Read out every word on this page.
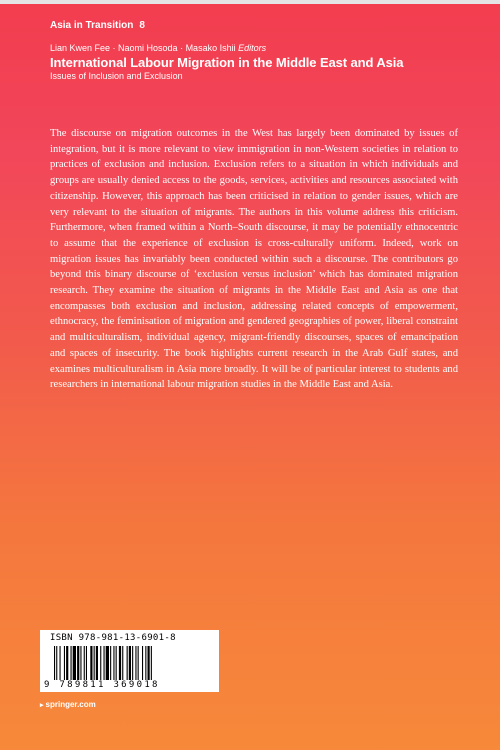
Asia in Transition 8
Lian Kwen Fee · Naomi Hosoda · Masako Ishii Editors
International Labour Migration in the Middle East and Asia
Issues of Inclusion and Exclusion

The discourse on migration outcomes in the West has largely been dominated by issues of integration, but it is more relevant to view immigration in non-Western societies in relation to practices of exclusion and inclusion. Exclusion refers to a situation in which individuals and groups are usually denied access to the goods, services, activities and resources associated with citizenship. However, this approach has been criticised in relation to gender issues, which are very relevant to the situation of migrants. The authors in this volume address this criticism. Furthermore, when framed within a North–South discourse, it may be potentially ethnocentric to assume that the experience of exclusion is cross-culturally uniform. Indeed, work on migration issues has invariably been conducted within such a discourse. The contributors go beyond this binary discourse of ‘exclusion versus inclusion’ which has dominated migration research. They examine the situation of migrants in the Middle East and Asia as one that encompasses both exclusion and inclusion, addressing related concepts of empowerment, ethnocracy, the feminisation of migration and gendered geographies of power, liberal constraint and multiculturalism, individual agency, migrant-friendly discourses, spaces of emancipation and spaces of insecurity. The book highlights current research in the Arab Gulf states, and examines multiculturalism in Asia more broadly. It will be of particular interest to students and researchers in international labour migration studies in the Middle East and Asia.

ISBN 978-981-13-6901-8
9 789811 369018
▸ springer.com
